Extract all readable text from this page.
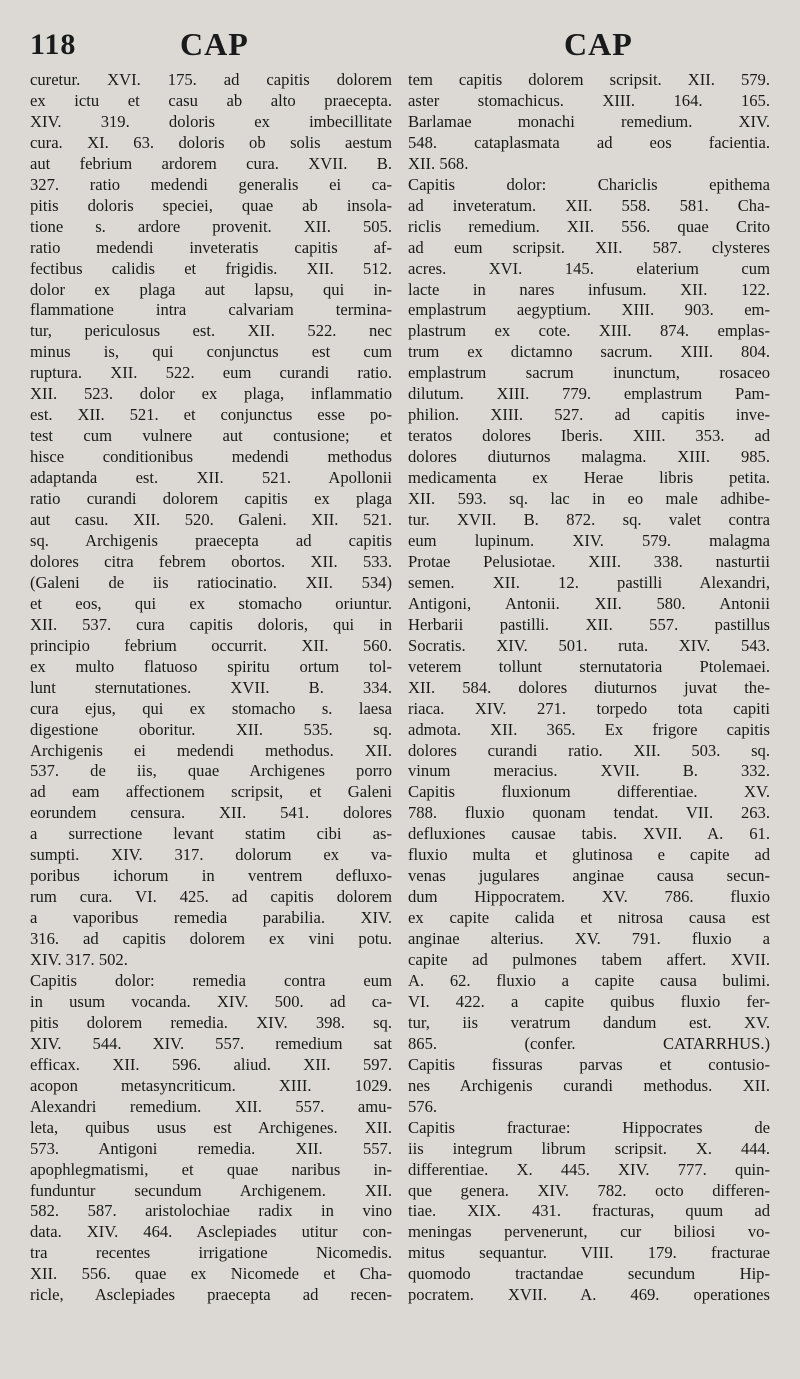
118	CAP	CAP
curetur. XVI. 175. ad capitis dolorem
ex ictu et casu ab alto praecepta.
XIV. 319. doloris ex imbecillitate
cura. XI. 63. doloris ob solis aestum
aut febrium ardorem cura. XVII. B.
327. ratio medendi generalis ei ca-
pitis doloris speciei, quae ab insola-
tione s. ardore provenit. XII. 505.
ratio medendi inveteratis capitis af-
fectibus calidis et frigidis. XII. 512.
dolor ex plaga aut lapsu, qui in-
flammatione intra calvariam termina-
tur, periculosus est. XII. 522. nec
minus is, qui conjunctus est cum
ruptura. XII. 522. eum curandi ratio.
XII. 523. dolor ex plaga, inflammatio
est. XII. 521. et conjunctus esse po-
test cum vulnere aut contusione; et
hisce conditionibus medendi methodus
adaptanda est. XII. 521. Apollonii
ratio curandi dolorem capitis ex plaga
aut casu. XII. 520. Galeni. XII. 521.
sq. Archigenis praecepta ad capitis
dolores citra febrem obortos. XII. 533.
(Galeni de iis ratiocinatio. XII. 534)
et eos, qui ex stomacho oriuntur.
XII. 537. cura capitis doloris, qui in
principio febrium occurrit. XII. 560.
ex multo flatuoso spiritu ortum tol-
lunt sternutationes. XVII. B. 334.
cura ejus, qui ex stomacho s. laesa
digestione oboritur. XII. 535. sq.
Archigenis ei medendi methodus. XII.
537. de iis, quae Archigenes porro
ad eam affectionem scripsit, et Galeni
eorundem censura. XII. 541. dolores
a surrectione levant statim cibi as-
sumpti. XIV. 317. dolorum ex va-
poribus ichorum in ventrem defluxo-
rum cura. VI. 425. ad capitis dolorem
a vaporibus remedia parabilia. XIV.
316. ad capitis dolorem ex vini potu.
XIV. 317. 502.
Capitis dolor: remedia contra eum
in usum vocanda. XIV. 500. ad ca-
pitis dolorem remedia. XIV. 398. sq.
XIV. 544. XIV. 557. remedium sat
efficax. XII. 596. aliud. XII. 597.
acopon metasyncriticum. XIII. 1029.
Alexandri remedium. XII. 557. amu-
leta, quibus usus est Archigenes. XII.
573. Antigoni remedia. XII. 557.
apophlegmatismi, et quae naribus in-
funduntur secundum Archigenem. XII.
582. 587. aristolochiae radix in vino
data. XIV. 464. Asclepiades utitur con-
tra recentes irrigatione Nicomedis.
XII. 556. quae ex Nicomede et Cha-
ricle, Asclepiades praecepta ad recen-
tem capitis dolorem scripsit. XII. 579.
aster stomachicus. XIII. 164. 165.
Barlamae monachi remedium. XIV.
548. cataplasmata ad eos facientia.
XII. 568.
Capitis dolor: Chariclis epithema
ad inveteratum. XII. 558. 581. Cha-
riclis remedium. XII. 556. quae Crito
ad eum scripsit. XII. 587. clysteres
acres. XVI. 145. elaterium cum
lacte in nares infusum. XII. 122.
emplastrum aegyptium. XIII. 903. em-
plastrum ex cote. XIII. 874. emplas-
trum ex dictamno sacrum. XIII. 804.
emplastrum sacrum inunctum, rosaceo
dilutum. XIII. 779. emplastrum Pam-
philion. XIII. 527. ad capitis inve-
teratos dolores Iberis. XIII. 353. ad
dolores diuturnos malagma. XIII. 985.
medicamenta ex Herae libris petita.
XII. 593. sq. lac in eo male adhibe-
tur. XVII. B. 872. sq. valet contra
eum lupinum. XIV. 579. malagma
Protae Pelusiotae. XIII. 338. nasturtii
semen. XII. 12. pastilli Alexandri,
Antigoni, Antonii. XII. 580. Antonii
Herbarii pastilli. XII. 557. pastillus
Socratis. XIV. 501. ruta. XIV. 543.
veterem tollunt sternutatoria Ptolemaei.
XII. 584. dolores diuturnos juvat the-
riaca. XIV. 271. torpedo tota capiti
admota. XII. 365. Ex frigore capitis
dolores curandi ratio. XII. 503. sq.
vinum meracius. XVII. B. 332.
Capitis fluxionum differentiae. XV.
788. fluxio quonam tendat. VII. 263.
defluxiones causae tabis. XVII. A. 61.
fluxio multa et glutinosa e capite ad
venas jugulares anginae causa secun-
dum Hippocratem. XV. 786. fluxio
ex capite calida et nitrosa causa est
anginae alterius. XV. 791. fluxio a
capite ad pulmones tabem affert. XVII.
A. 62. fluxio a capite causa bulimi.
VI. 422. a capite quibus fluxio fer-
tur, iis veratrum dandum est. XV.
865. (confer. CATARRHUS.)
Capitis fissuras parvas et contusio-
nes Archigenis curandi methodus. XII.
576.
Capitis fracturae: Hippocrates de
iis integrum librum scripsit. X. 444.
differentiae. X. 445. XIV. 777. quin-
que genera. XIV. 782. octo differen-
tiae. XIX. 431. fracturas, quum ad
meningas pervenerunt, cur biliosi vo-
mitus sequantur. VIII. 179. fracturae
quomodo tractandae secundum Hip-
pocratem. XVII. A. 469. operationes
